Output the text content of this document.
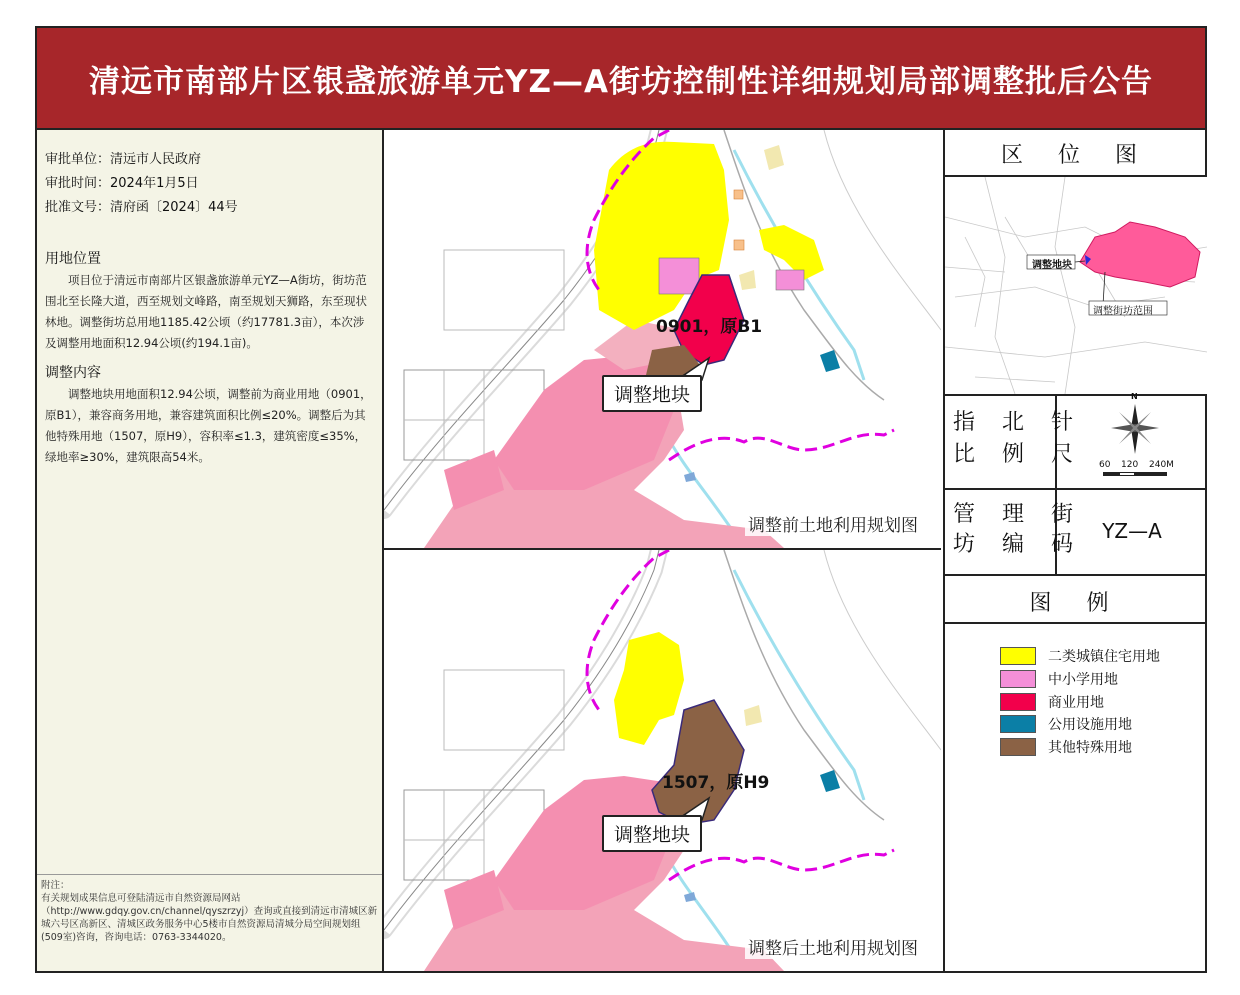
清远市南部片区银盏旅游单元YZ—A街坊控制性详细规划局部调整批后公告
审批单位：清远市人民政府
审批时间：2024年1月5日
批准文号：清府函〔2024〕44号
用地位置

项目位于清远市南部片区银盏旅游单元YZ—A街坊，街坊范围北至长隆大道，西至规划文峰路，南至规划天狮路，东至现状林地。调整街坊总用地1185.42公顷（约17781.3亩），本次涉及调整用地面积12.94公顷(约194.1亩)。

调整内容

调整地块用地面积12.94公顷，调整前为商业用地（0901，原B1），兼容商务用地，兼容建筑面积比例≤20%。调整后为其他特殊用地（1507，原H9），容积率≤1.3，建筑密度≤35%，绿地率≥30%，建筑限高54米。

附注：
有关规划成果信息可登陆清远市自然资源局网站（http://www.gdqy.gov.cn/channel/qyszrzyj）查询或直接到清远市清城区新城六号区高新区、清城区政务服务中心5楼市自然资源局清城分局空间规划组(509室)咨询，咨询电话：0763-3344020。
0901，原B1
调整地块
调整前土地利用规划图
1507，原H9
调整地块
调整后土地利用规划图
区 位 图
调整地块
调整街坊范围
指 北 针
比 例 尺
N
60 120 240M
管 理 街
坊 编 码
YZ—A
图 例
二类城镇住宅用地
中小学用地
商业用地
公用设施用地
其他特殊用地
